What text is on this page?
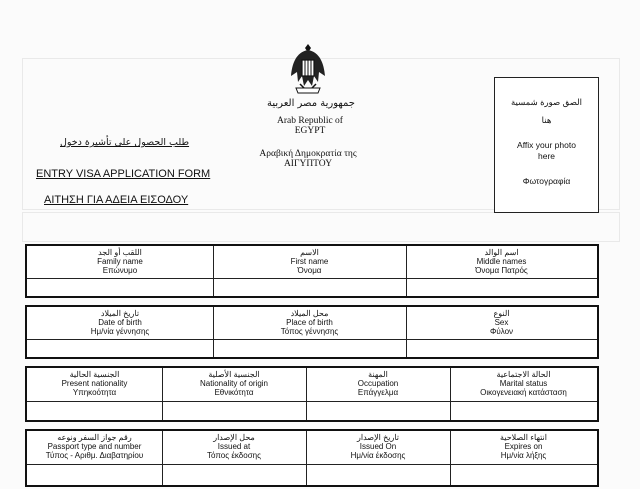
جمهورية مصر العربية
Arab Republic of
EGYPT
Αραβική Δημοκρατία της
ΑΙΓΥΠΤΟΥ
طلب الحصول على تأشيرة دخول
ENTRY VISA APPLICATION FORM
ΑΙΤΗΣΗ ΓΙΑ ΑΔΕΙΑ ΕΙΣΟΔΟΥ
الصق صورة شمسية
هنا
Affix your photo
here
Φωτογραφία
اللقب أو الجد
Family name
Επώνυμο
الاسم
First name
Όνομα
اسم الوالد
Middle names
Όνομα Πατρός
تاريخ الميلاد
Date of birth
Ημ/νία γέννησης
محل الميلاد
Place of birth
Τόπος γέννησης
النوع
Sex
Φύλον
الجنسية الحالية
Present nationality
Υπηκοότητα
الجنسية الأصلية
Nationality of origin
Εθνικότητα
المهنة
Occupation
Επάγγελμα
الحالة الاجتماعية
Marital status
Οικογενειακή κατάσταση
رقم جواز السفر ونوعه
Passport type and number
Τύπος - Αριθμ. Διαβατηρίου
محل الإصدار
Issued at
Τόπος έκδοσης
تاريخ الإصدار
Issued On
Ημ/νία έκδοσης
انتهاء الصلاحية
Expires on
Ημ/νία λήξης
